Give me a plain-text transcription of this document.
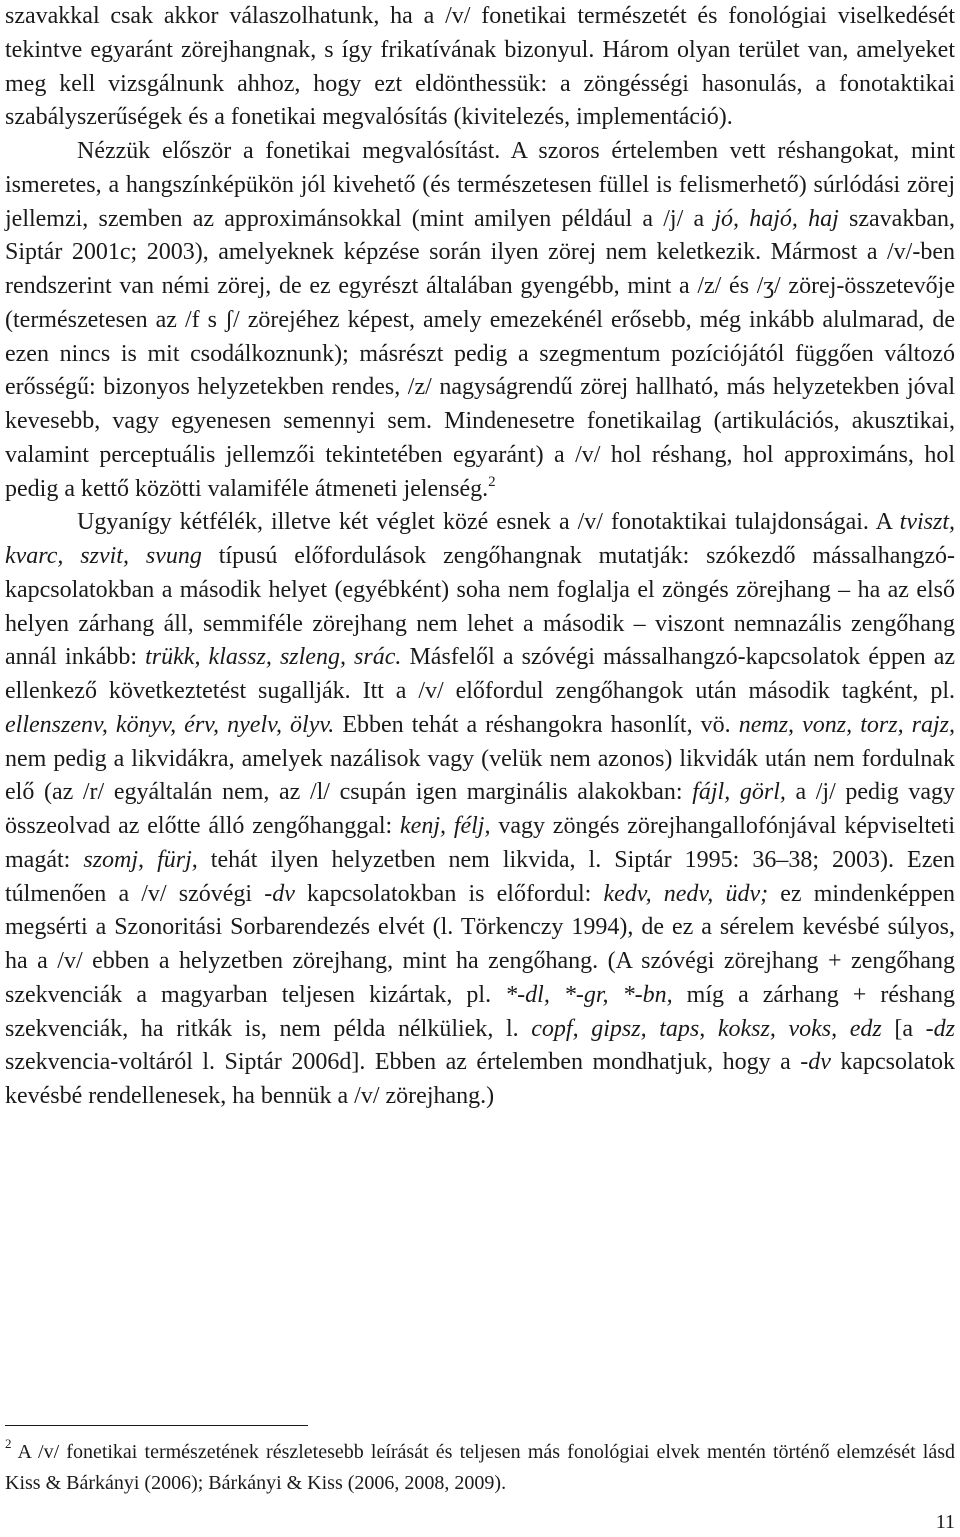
szavakkal csak akkor válaszolhatunk, ha a /v/ fonetikai természetét és fonológiai viselkedését tekintve egyaránt zörejhangnak, s így frikatívának bizonyul. Három olyan terület van, amelyeket meg kell vizsgálnunk ahhoz, hogy ezt eldönthessük: a zöngésségi hasonulás, a fonotaktikai szabályszerűségek és a fonetikai megvalósítás (kivitelezés, implementáció).

Nézzük először a fonetikai megvalósítást. A szoros értelemben vett réshangokat, mint ismeretes, a hangszínképükön jól kivehető (és természetesen füllel is felismerhető) súrlódási zörej jellemzi, szemben az approximánsokkal (mint amilyen például a /j/ a jó, hajó, haj szavakban, Siptár 2001c; 2003), amelyeknek képzése során ilyen zörej nem keletkezik. Mármost a /v/-ben rendszerint van némi zörej, de ez egyrészt általában gyengébb, mint a /z/ és /ʒ/ zörej-összetevője (természetesen az /f s ʃ/ zörejéhez képest, amely emezekénél erősebb, még inkább alulmarad, de ezen nincs is mit csodálkoznunk); másrészt pedig a szegmentum pozíciójától függően változó erősségű: bizonyos helyzetekben rendes, /z/ nagyságrendű zörej hallható, más helyzetekben jóval kevesebb, vagy egyenesen semennyi sem. Mindenesetre fonetikailag (artikulációs, akusztikai, valamint perceptuális jellemzői tekintetében egyaránt) a /v/ hol réshang, hol approximáns, hol pedig a kettő közötti valamiféle átmeneti jelenség.$^2$

Ugyanígy kétfélék, illetve két véglet közé esnek a /v/ fonotaktikai tulajdonságai. A tviszt, kvarc, szvit, svung típusú előfordulások zengőhangnak mutatják: szókezdő mássalhangzó-kapcsolatokban a második helyet (egyébként) soha nem foglalja el zöngés zörejhang – ha az első helyen zárhang áll, semmiféle zörejhang nem lehet a második – viszont nemnazális zengőhang annál inkább: trükk, klassz, szleng, srác. Másfelől a szóvégi mássalhangzó-kapcsolatok éppen az ellenkező következtetést sugallják. Itt a /v/ előfordul zengőhangok után második tagként, pl. ellenszenv, könyv, érv, nyelv, ölyv. Ebben tehát a réshangokra hasonlít, vö. nemz, vonz, torz, rajz, nem pedig a likvidákra, amelyek nazálisok vagy (velük nem azonos) likvidák után nem fordulnak elő (az /r/ egyáltalán nem, az /l/ csupán igen marginális alakokban: fájl, görl, a /j/ pedig vagy összeolvad az előtte álló zengőhanggal: kenj, félj, vagy zöngés zörejhangallofónjával képviselteti magát: szomj, fürj, tehát ilyen helyzetben nem likvida, l. Siptár 1995: 36–38; 2003). Ezen túlmenően a /v/ szóvégi -dv kapcsolatokban is előfordul: kedv, nedv, üdv; ez mindenképpen megsérti a Szonoritási Sorbarendezés elvét (l. Törkenczy 1994), de ez a sérelem kevésbé súlyos, ha a /v/ ebben a helyzetben zörejhang, mint ha zengőhang. (A szóvégi zörejhang + zengőhang szekvenciák a magyarban teljesen kizártak, pl. *-dl, *-gr, *-bn, míg a zárhang + réshang szekvenciák, ha ritkák is, nem példa nélküliek, l. copf, gipsz, taps, koksz, voks, edz [a -dz szekvencia-voltáról l. Siptár 2006d]. Ebben az értelemben mondhatjuk, hogy a -dv kapcsolatok kevésbé rendellenesek, ha bennük a /v/ zörejhang.)

$^2$ A /v/ fonetikai természetének részletesebb leírását és teljesen más fonológiai elvek mentén történő elemzését lásd Kiss & Bárkányi (2006); Bárkányi & Kiss (2006, 2008, 2009).

11
